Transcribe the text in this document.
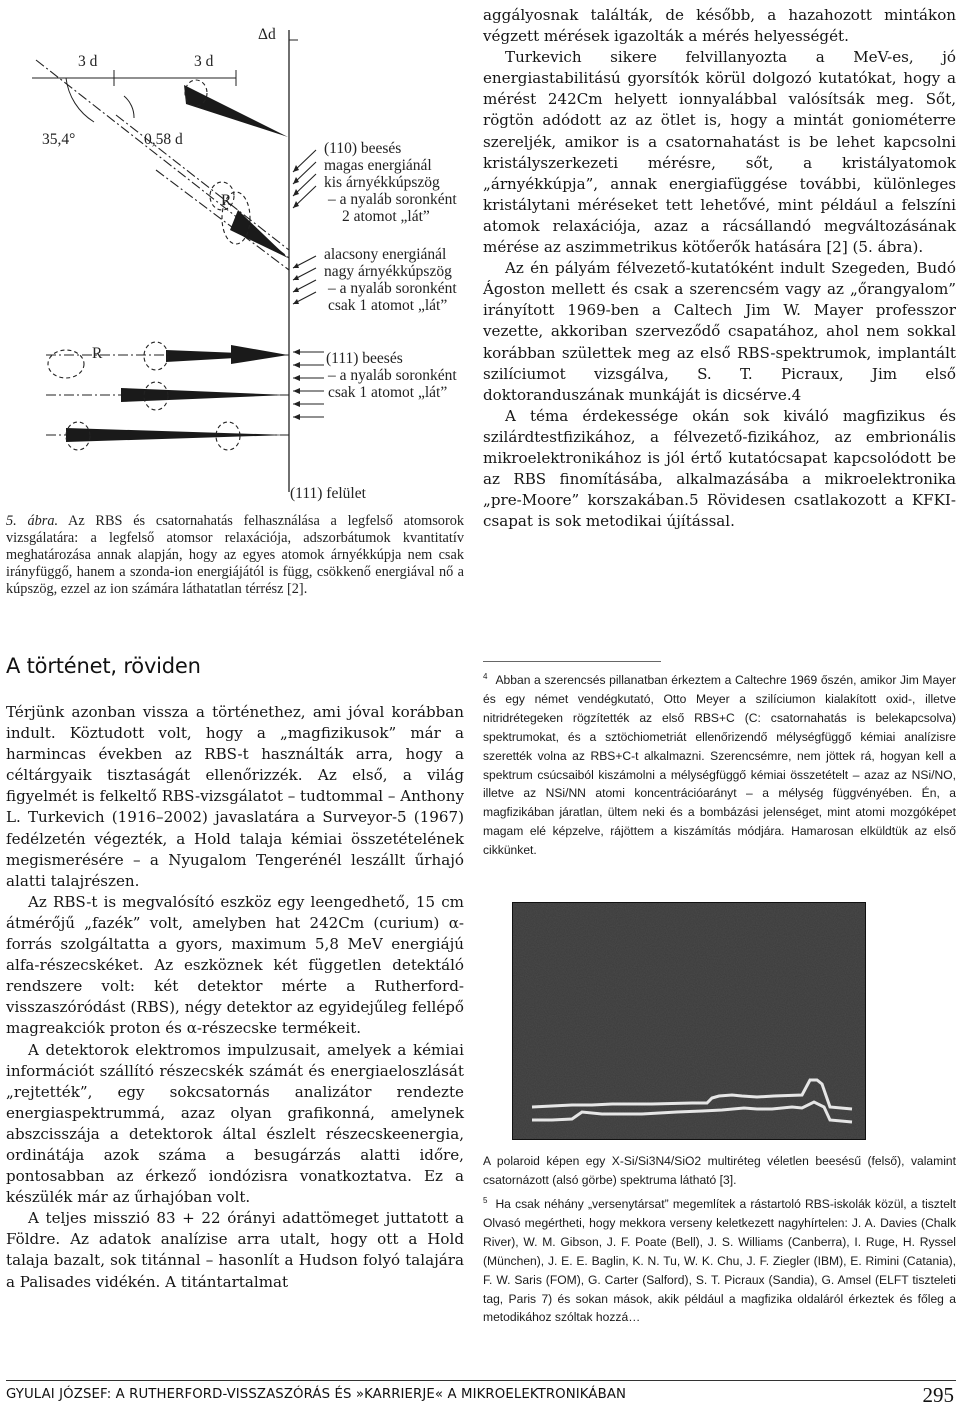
3 d	3 d
Δd
35,4°	0,58 d
R
R
(111) felület
(110) beesés
magas energiánál
kis árnyékkúpszög
– a nyaláb soronként
2 atomot „lát”
alacsony energiánál
nagy árnyékkúpszög
– a nyaláb soronként
csak 1 atomot „lát”
(111) beesés
– a nyaláb soronként
csak 1 atomot „lát”
5. ábra. Az RBS és csatornahatás felhasználása a legfelső atomsorok vizsgálatára: a legfelső atomsor relaxációja, adszorbátumok kvantitatív meghatározása annak alapján, hogy az egyes atomok árnyékkúpja nem csak irányfüggő, hanem a szonda-ion energiájától is függ, csökkenő energiával nő a kúpszög, ezzel az ion számára láthatatlan térrész [2].
A történet, röviden

Térjünk azonban vissza a történethez, ami jóval korábban indult. Köztudott volt, hogy a „magfizikusok” már a harmincas években az RBS-t használták arra, hogy a céltárgyaik tisztaságát ellenőrizzék. Az első, a világ figyelmét is felkeltő RBS-vizsgálatot – tudtommal – Anthony L. Turkevich (1916–2002) javaslatára a Surveyor-5 (1967) fedélzetén végezték, a Hold talaja kémiai összetételének megismerésére – a Nyugalom Tengerénél leszállt űrhajó alatti talajrészen.

Az RBS-t is megvalósító eszköz egy leengedhető, 15 cm átmérőjű „fazék” volt, amelyben hat 242Cm (curium) α-forrás szolgáltatta a gyors, maximum 5,8 MeV energiájú alfa-részecskéket. Az eszköznek két független detektáló rendszere volt: két detektor mérte a Rutherford-visszaszóródást (RBS), négy detektor az egyidejűleg fellépő magreakciók proton és α-részecske termékeit.

A detektorok elektromos impulzusait, amelyek a kémiai információt szállító részecskék számát és energiaeloszlását „rejtették”, egy sokcsatornás analizátor rendezte energiaspektrummá, azaz olyan grafikonná, amelynek abszcisszája a detektorok által észlelt részecskeenergia, ordinátája azok száma a besugárzás alatti időre, pontosabban az érkező iondózisra vonatkoztatva. Ez a készülék már az űrhajóban volt.

A teljes misszió 83 + 22 órányi adattömeget juttatott a Földre. Az adatok analízise arra utalt, hogy ott a Hold talaja bazalt, sok titánnal – hasonlít a Hudson folyó talajára a Palisades vidékén. A titántartalmat

aggályosnak találták, de később, a hazahozott mintákon végzett mérések igazolták a mérés helyességét.

Turkevich sikere felvillanyozta a MeV-es, jó energiastabilitású gyorsítók körül dolgozó kutatókat, hogy a mérést 242Cm helyett ionnyalábbal valósítsák meg. Sőt, rögtön adódott az az ötlet is, hogy a mintát goniométerre szereljék, amikor is a csatornahatást is be lehet kapcsolni kristályszerkezeti mérésre, sőt, a kristályatomok „árnyékkúpja”, annak energiafüggése további, különleges kristálytani méréseket tett lehetővé, mint például a felszíni atomok relaxációja, azaz a rácsállandó megváltozásának mérése az aszimmetrikus kötőerők hatására [2] (5. ábra).

Az én pályám félvezető-kutatóként indult Szegeden, Budó Ágoston mellett és csak a szerencsém vagy az „őrangyalom” irányított 1969-ben a Caltech Jim W. Mayer professzor vezette, akkoriban szerveződő csapatához, ahol nem sokkal korábban születtek meg az első RBS-spektrumok, implantált szilíciumot vizsgálva, S. T. Picraux, Jim első doktoranduszának munkáját is dicsérve.4

A téma érdekessége okán sok kiváló magfizikus és szilárdtestfizikához, a félvezető-fizikához, az embrionális mikroelektronikához is jól értő kutatócsapat kapcsolódott be az RBS finomításába, alkalmazásába a mikroelektronika „pre-Moore” korszakában.5 Rövidesen csatlakozott a KFKI-csapat is sok metodikai újítással.

$^4$ Abban a szerencsés pillanatban érkeztem a Caltechre 1969 őszén, amikor Jim Mayer és egy német vendégkutató, Otto Meyer a szilíciumon kialakított oxid-, illetve nitridrétegeken rögzítették az első RBS+C (C: csatornahatás is belekapcsolva) spektrumokat, és a sztöchiometriát ellenőrizendő mélységfüggő kémiai analízisre szerették volna az RBS+C-t alkalmazni. Szerencsémre, nem jöttek rá, hogyan kell a spektrum csúcsaiból kiszámolni a mélységfüggő kémiai összetételt – azaz az NSi/NO, illetve az NSi/NN atomi koncentrációarányt – a mélység függvényében. Én, a magfizikában járatlan, ültem neki és a bombázási jelenséget, mint atomi mozgóképet magam elé képzelve, rájöttem a kiszámítás módjára. Hamarosan elküldtük az első cikkünket.
A polaroid képen egy X-Si/Si3N4/SiO2 multiréteg véletlen beesésű (felső), valamint csatornázott (alsó görbe) spektruma látható [3].
$^5$ Ha csak néhány „versenytársat” megemlítek a rástartoló RBS-iskolák közül, a tisztelt Olvasó megértheti, hogy mekkora verseny keletkezett nagyhírtelen: J. A. Davies (Chalk River), W. M. Gibson, J. F. Poate (Bell), J. S. Williams (Canberra), I. Ruge, H. Ryssel (München), J. E. E. Baglin, K. N. Tu, W. K. Chu, J. F. Ziegler (IBM), E. Rimini (Catania), F. W. Saris (FOM), G. Carter (Salford), S. T. Picraux (Sandia), G. Amsel (ELFT tiszteleti tag, Paris 7) és sokan mások, akik például a magfizika oldaláról érkeztek és főleg a metodikához szóltak hozzá…
GYULAI JÓZSEF: A RUTHERFORD-VISSZASZÓRÁS ÉS »KARRIERJE« A MIKROELEKTRONIKÁBAN	295
